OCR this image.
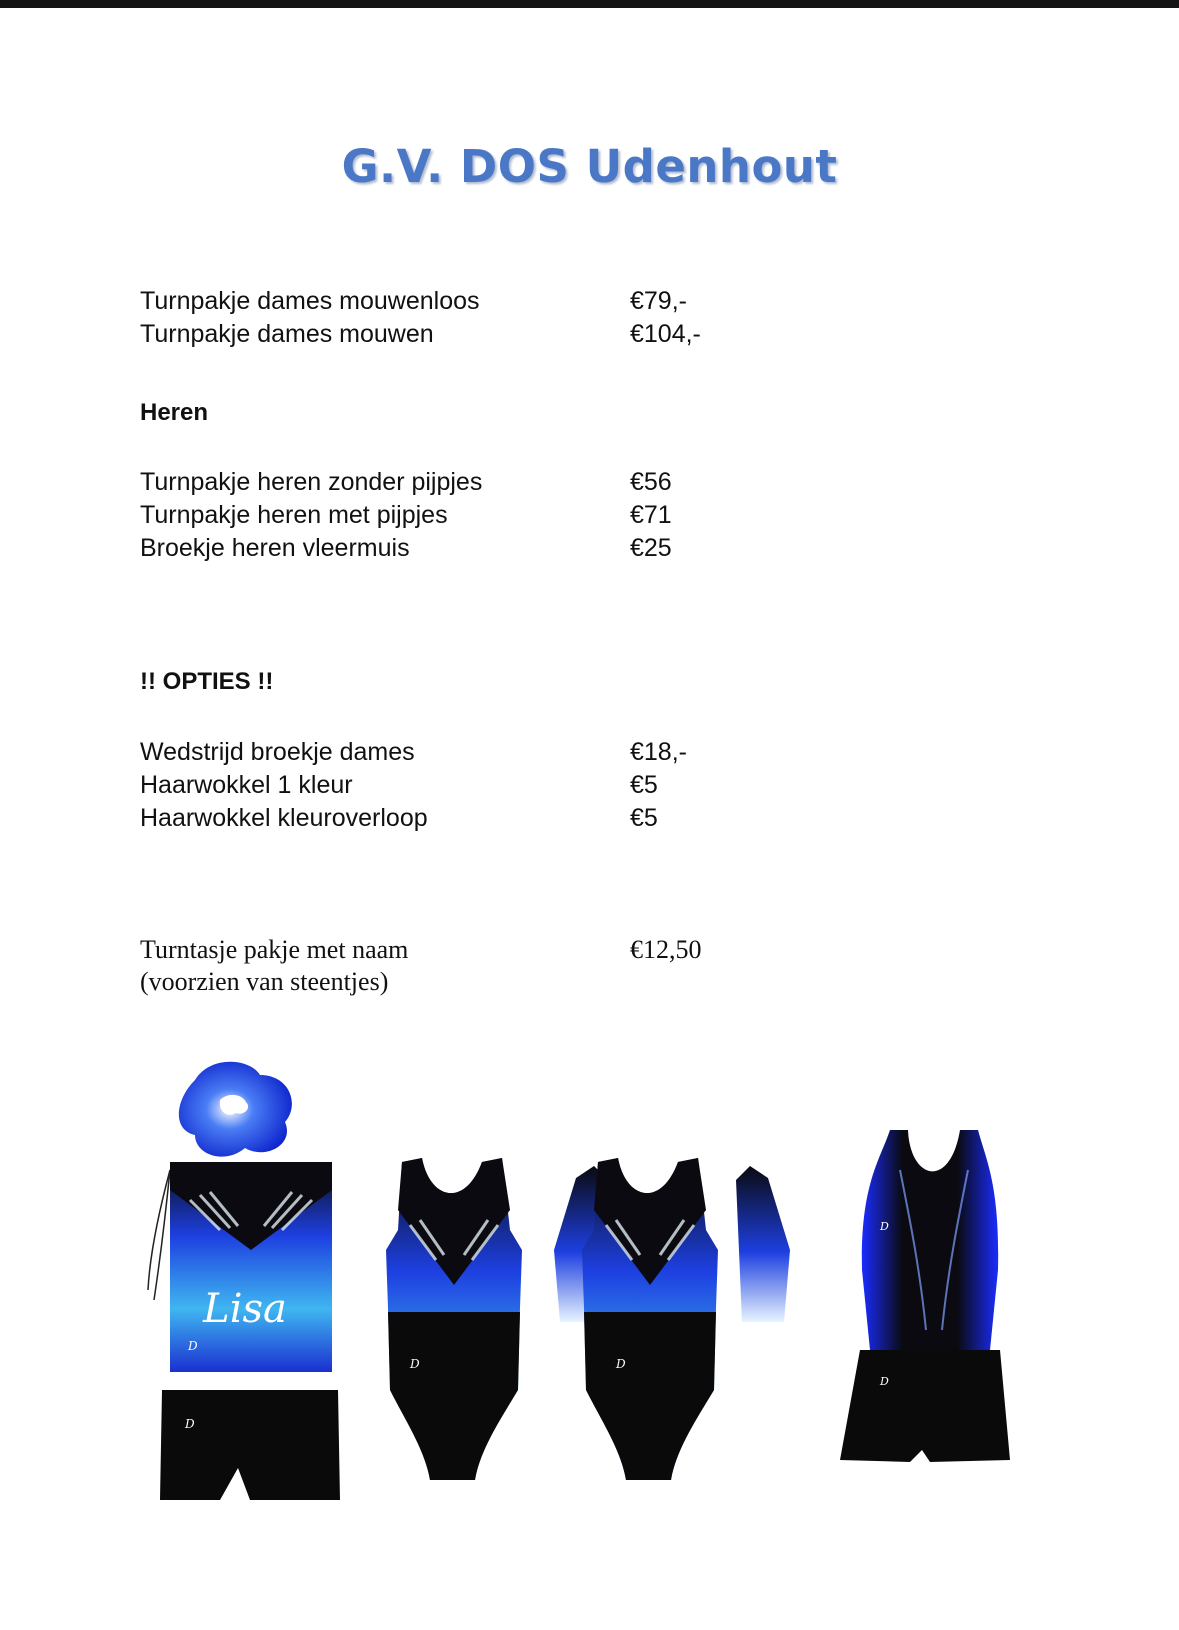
G.V. DOS Udenhout
Turnpakje dames mouwenloos	€79,-
Turnpakje dames mouwen	€104,-
Heren
Turnpakje heren zonder pijpjes	€56
Turnpakje heren met pijpjes	€71
Broekje heren vleermuis	€25
!! OPTIES !!
Wedstrijd broekje dames	€18,-
Haarwokkel 1 kleur	€5
Haarwokkel kleuroverloop	€5
Turntasje pakje met naam	€12,50
(voorzien van steentjes)
Lisa
D
D
D	D
D
D
